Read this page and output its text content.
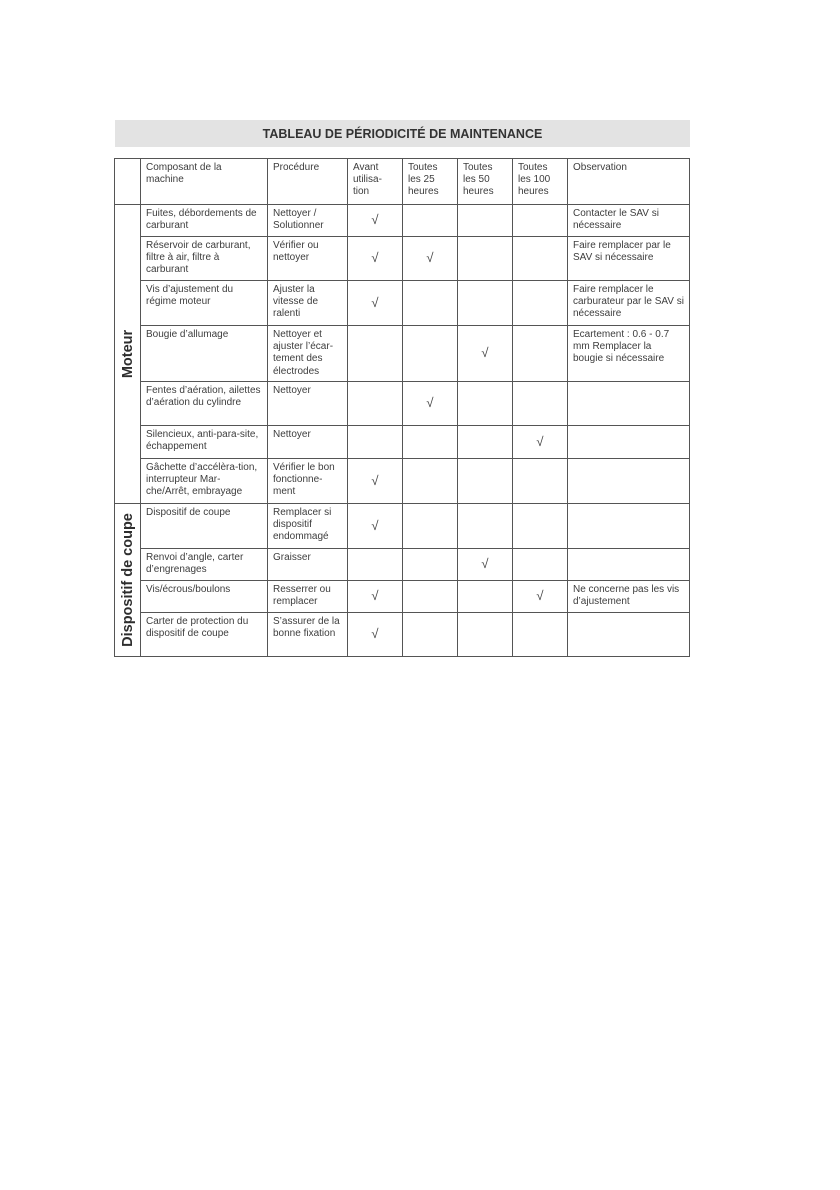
TABLEAU DE PÉRIODICITÉ DE MAINTENANCE
	Composant de la machine	Procédure	Avant utilisa-tion	Toutes les 25 heures	Toutes les 50 heures	Toutes les 100 heures	Observation

Moteur	Fuites, débordements de carburant	Nettoyer / Solutionner	√				Contacter le SAV si nécessaire
	Réservoir de carburant, filtre à air, filtre à carburant	Vérifier ou nettoyer	√	√			Faire remplacer par le SAV si nécessaire
	Vis d’ajustement du régime moteur	Ajuster la vitesse de ralenti	√				Faire remplacer le carburateur par le SAV si nécessaire
	Bougie d’allumage	Nettoyer et ajuster l’écar-tement des électrodes			√		Ecartement : 0.6 - 0.7 mm Remplacer la bougie si nécessaire
	Fentes d’aération, ailettes d’aération du cylindre	Nettoyer		√			
	Silencieux, anti-para-site, échappement	Nettoyer				√	
	Gâchette d’accélèra-tion, interrupteur Mar-che/Arrêt, embrayage	Vérifier le bon fonctionne-ment	√				

Dispositif de coupe	Dispositif de coupe	Remplacer si dispositif endommagé	√				
	Renvoi d’angle, carter d’engrenages	Graisser			√		
	Vis/écrous/boulons	Resserrer ou remplacer	√			√	Ne concerne pas les vis d’ajustement
	Carter de protection du dispositif de coupe	S’assurer de la bonne fixation	√				
